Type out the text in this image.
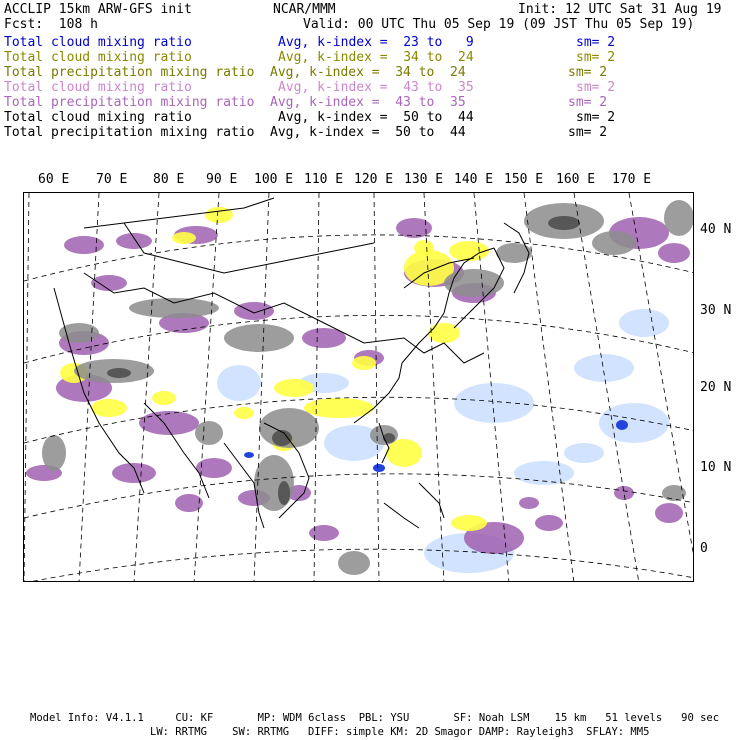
ACCLIP 15km ARW-GFS init	NCAR/MMM	Init: 12 UTC Sat 31 Aug 19
Fcst:  108 h	Valid: 00 UTC Thu 05 Sep 19 (09 JST Thu 05 Sep 19)
Total cloud mixing ratio	Avg, k-index =  23 to   9	sm= 2
Total cloud mixing ratio	Avg, k-index =  34 to  24	sm= 2
Total precipitation mixing ratio Avg, k-index =  34 to  24	sm= 2
Total cloud mixing ratio	Avg, k-index =  43 to  35	sm= 2
Total precipitation mixing ratio Avg, k-index =  43 to  35	sm= 2
Total cloud mixing ratio	Avg, k-index =  50 to  44	sm= 2
Total precipitation mixing ratio Avg, k-index =  50 to  44	sm= 2
60 E 70 E 80 E 90 E 100 E 110 E 120 E 130 E 140 E 150 E 160 E 170 E
40 N
30 N
20 N
10 N
0
Model Info: V4.1.1     CU: KF       MP: WDM 6class  PBL: YSU       SF: Noah LSM    15 km   51 levels   90 sec
LW: RRTMG    SW: RRTMG   DIFF: simple KM: 2D Smagor DAMP: Rayleigh3  SFLAY: MM5
